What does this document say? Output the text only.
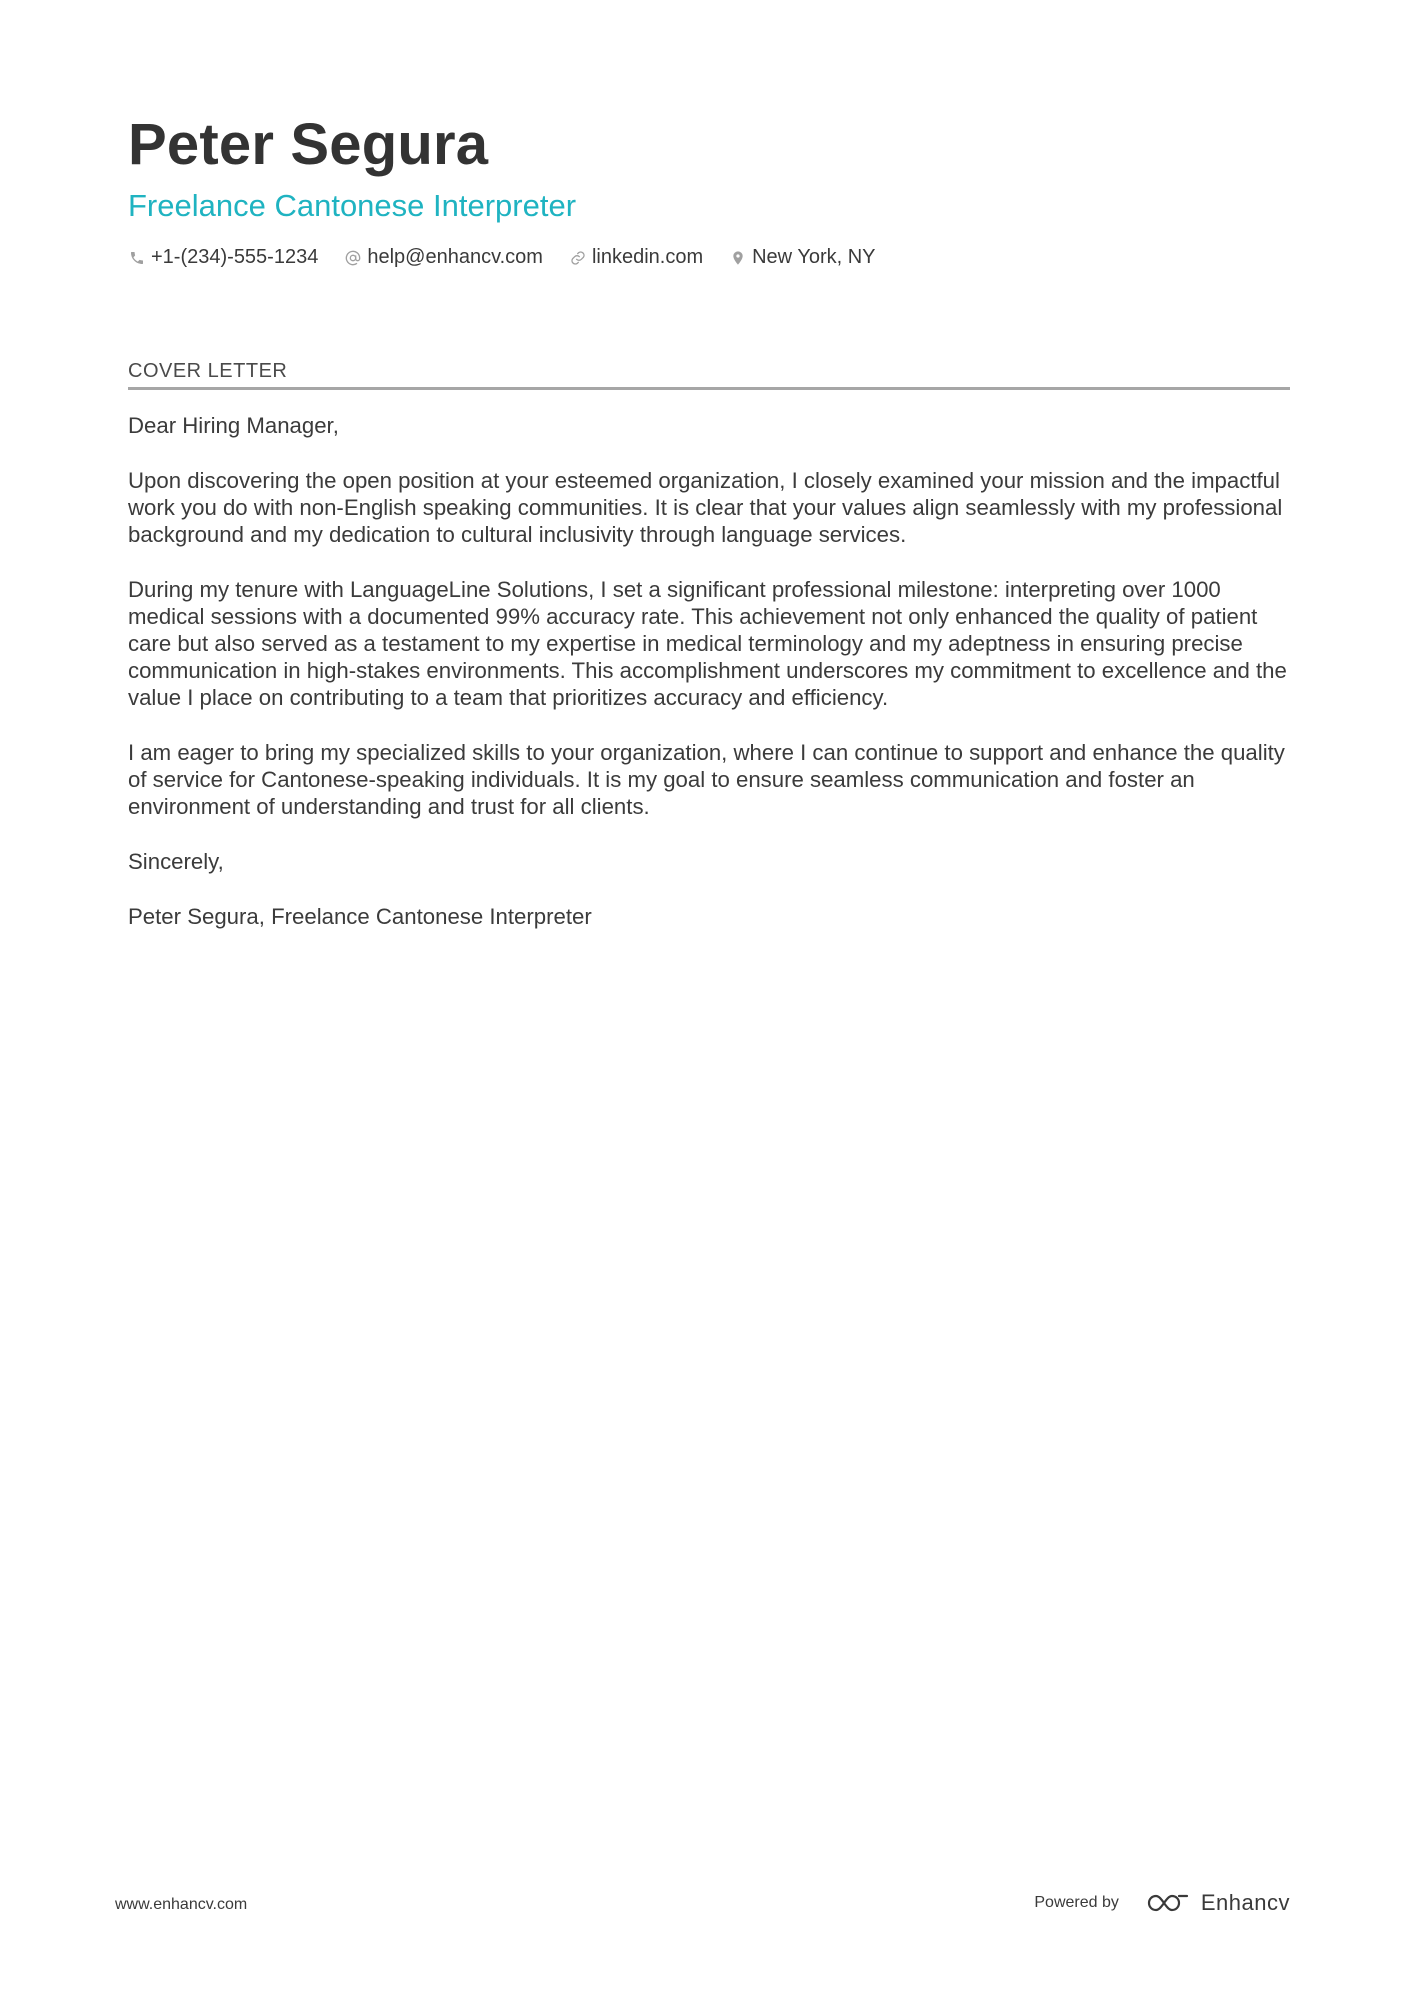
Peter Segura
Freelance Cantonese Interpreter
+1-(234)-555-1234 help@enhancv.com linkedin.com New York, NY
COVER LETTER

Dear Hiring Manager,

Upon discovering the open position at your esteemed organization, I closely examined your mission and the impactful work you do with non-English speaking communities. It is clear that your values align seamlessly with my professional background and my dedication to cultural inclusivity through language services.

During my tenure with LanguageLine Solutions, I set a significant professional milestone: interpreting over 1000 medical sessions with a documented 99% accuracy rate. This achievement not only enhanced the quality of patient care but also served as a testament to my expertise in medical terminology and my adeptness in ensuring precise communication in high-stakes environments. This accomplishment underscores my commitment to excellence and the value I place on contributing to a team that prioritizes accuracy and efficiency.

I am eager to bring my specialized skills to your organization, where I can continue to support and enhance the quality of service for Cantonese-speaking individuals. It is my goal to ensure seamless communication and foster an environment of understanding and trust for all clients.

Sincerely,

Peter Segura, Freelance Cantonese Interpreter

www.enhancv.com	Powered by	Enhancv
